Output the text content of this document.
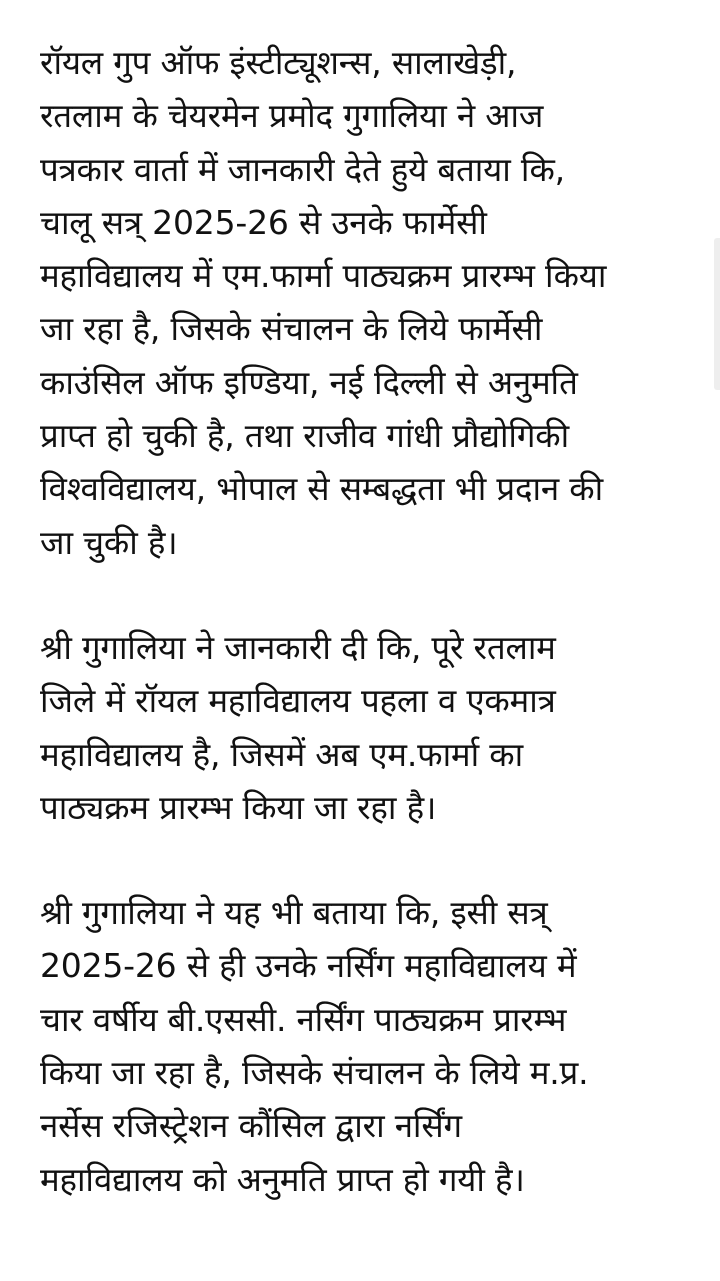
रॉयल गुप ऑफ इंस्टीट्यूशन्स, सालाखेड़ी,
रतलाम के चेयरमेन प्रमोद गुगालिया ने आज
पत्रकार वार्ता में जानकारी देते हुये बताया कि,
चालू सत्र् 2025-26 से उनके फार्मेसी
महाविद्यालय में एम.फार्मा पाठ्यक्रम प्रारम्भ किया
जा रहा है, जिसके संचालन के लिये फार्मेसी
काउंसिल ऑफ इण्डिया, नई दिल्ली से अनुमति
प्राप्त हो चुकी है, तथा राजीव गांधी प्रौद्योगिकी
विश्वविद्यालय, भोपाल से सम्बद्धता भी प्रदान की
जा चुकी है।

श्री गुगालिया ने जानकारी दी कि, पूरे रतलाम
जिले में रॉयल महाविद्यालय पहला व एकमात्र
महाविद्यालय है, जिसमें अब एम.फार्मा का
पाठ्यक्रम प्रारम्भ किया जा रहा है।

श्री गुगालिया ने यह भी बताया कि, इसी सत्र्
2025-26 से ही उनके नर्सिंग महाविद्यालय में
चार वर्षीय बी.एससी. नर्सिंग पाठ्यक्रम प्रारम्भ
किया जा रहा है, जिसके संचालन के लिये म.प्र.
नर्सेस रजिस्ट्रेशन कौंसिल द्वारा नर्सिंग
महाविद्यालय को अनुमति प्राप्त हो गयी है।
